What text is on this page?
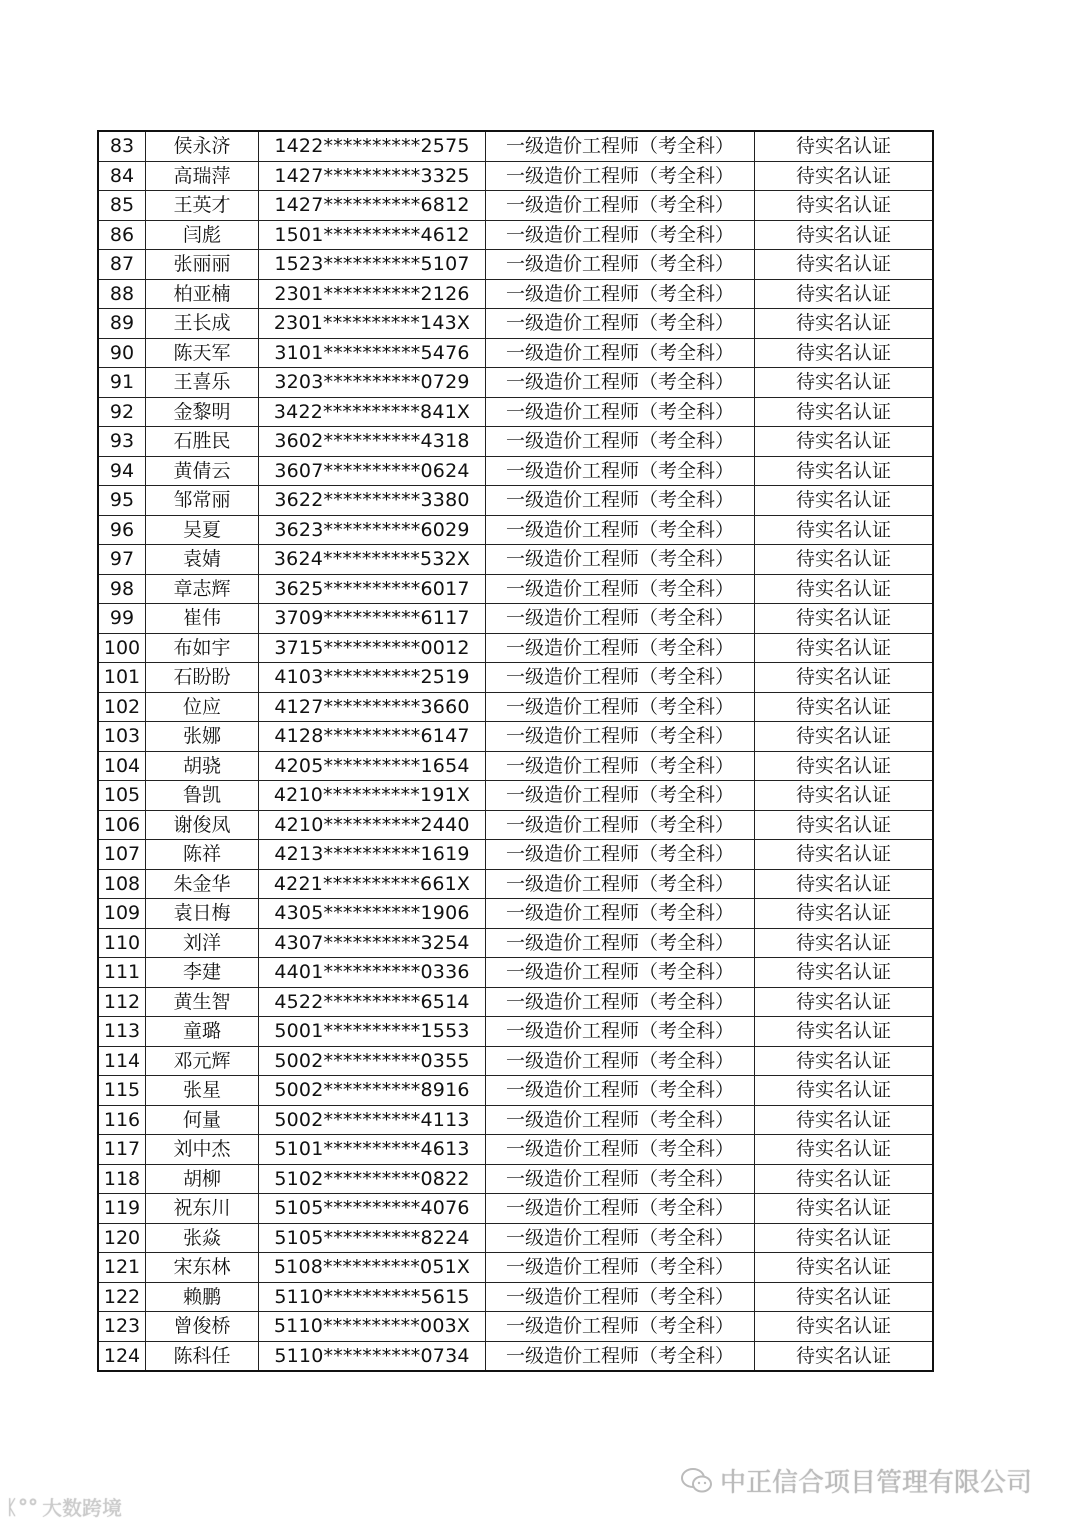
83	侯永济	1422**********2575	一级造价工程师（考全科）	待实名认证
84	高瑞萍	1427**********3325	一级造价工程师（考全科）	待实名认证
85	王英才	1427**********6812	一级造价工程师（考全科）	待实名认证
86	闫彪	1501**********4612	一级造价工程师（考全科）	待实名认证
87	张丽丽	1523**********5107	一级造价工程师（考全科）	待实名认证
88	柏亚楠	2301**********2126	一级造价工程师（考全科）	待实名认证
89	王长成	2301**********143X	一级造价工程师（考全科）	待实名认证
90	陈天军	3101**********5476	一级造价工程师（考全科）	待实名认证
91	王喜乐	3203**********0729	一级造价工程师（考全科）	待实名认证
92	金黎明	3422**********841X	一级造价工程师（考全科）	待实名认证
93	石胜民	3602**********4318	一级造价工程师（考全科）	待实名认证
94	黄倩云	3607**********0624	一级造价工程师（考全科）	待实名认证
95	邹常丽	3622**********3380	一级造价工程师（考全科）	待实名认证
96	吴夏	3623**********6029	一级造价工程师（考全科）	待实名认证
97	袁婧	3624**********532X	一级造价工程师（考全科）	待实名认证
98	章志辉	3625**********6017	一级造价工程师（考全科）	待实名认证
99	崔伟	3709**********6117	一级造价工程师（考全科）	待实名认证
100	布如宇	3715**********0012	一级造价工程师（考全科）	待实名认证
101	石盼盼	4103**********2519	一级造价工程师（考全科）	待实名认证
102	位应	4127**********3660	一级造价工程师（考全科）	待实名认证
103	张娜	4128**********6147	一级造价工程师（考全科）	待实名认证
104	胡骁	4205**********1654	一级造价工程师（考全科）	待实名认证
105	鲁凯	4210**********191X	一级造价工程师（考全科）	待实名认证
106	谢俊凤	4210**********2440	一级造价工程师（考全科）	待实名认证
107	陈祥	4213**********1619	一级造价工程师（考全科）	待实名认证
108	朱金华	4221**********661X	一级造价工程师（考全科）	待实名认证
109	袁日梅	4305**********1906	一级造价工程师（考全科）	待实名认证
110	刘洋	4307**********3254	一级造价工程师（考全科）	待实名认证
111	李建	4401**********0336	一级造价工程师（考全科）	待实名认证
112	黄生智	4522**********6514	一级造价工程师（考全科）	待实名认证
113	童璐	5001**********1553	一级造价工程师（考全科）	待实名认证
114	邓元辉	5002**********0355	一级造价工程师（考全科）	待实名认证
115	张星	5002**********8916	一级造价工程师（考全科）	待实名认证
116	何量	5002**********4113	一级造价工程师（考全科）	待实名认证
117	刘中杰	5101**********4613	一级造价工程师（考全科）	待实名认证
118	胡柳	5102**********0822	一级造价工程师（考全科）	待实名认证
119	祝东川	5105**********4076	一级造价工程师（考全科）	待实名认证
120	张焱	5105**********8224	一级造价工程师（考全科）	待实名认证
121	宋东林	5108**********051X	一级造价工程师（考全科）	待实名认证
122	赖鹏	5110**********5615	一级造价工程师（考全科）	待实名认证
123	曾俊桥	5110**********003X	一级造价工程师（考全科）	待实名认证
124	陈科任	5110**********0734	一级造价工程师（考全科）	待实名认证
中正信合项目管理有限公司
ᛕ°° 大数跨境
